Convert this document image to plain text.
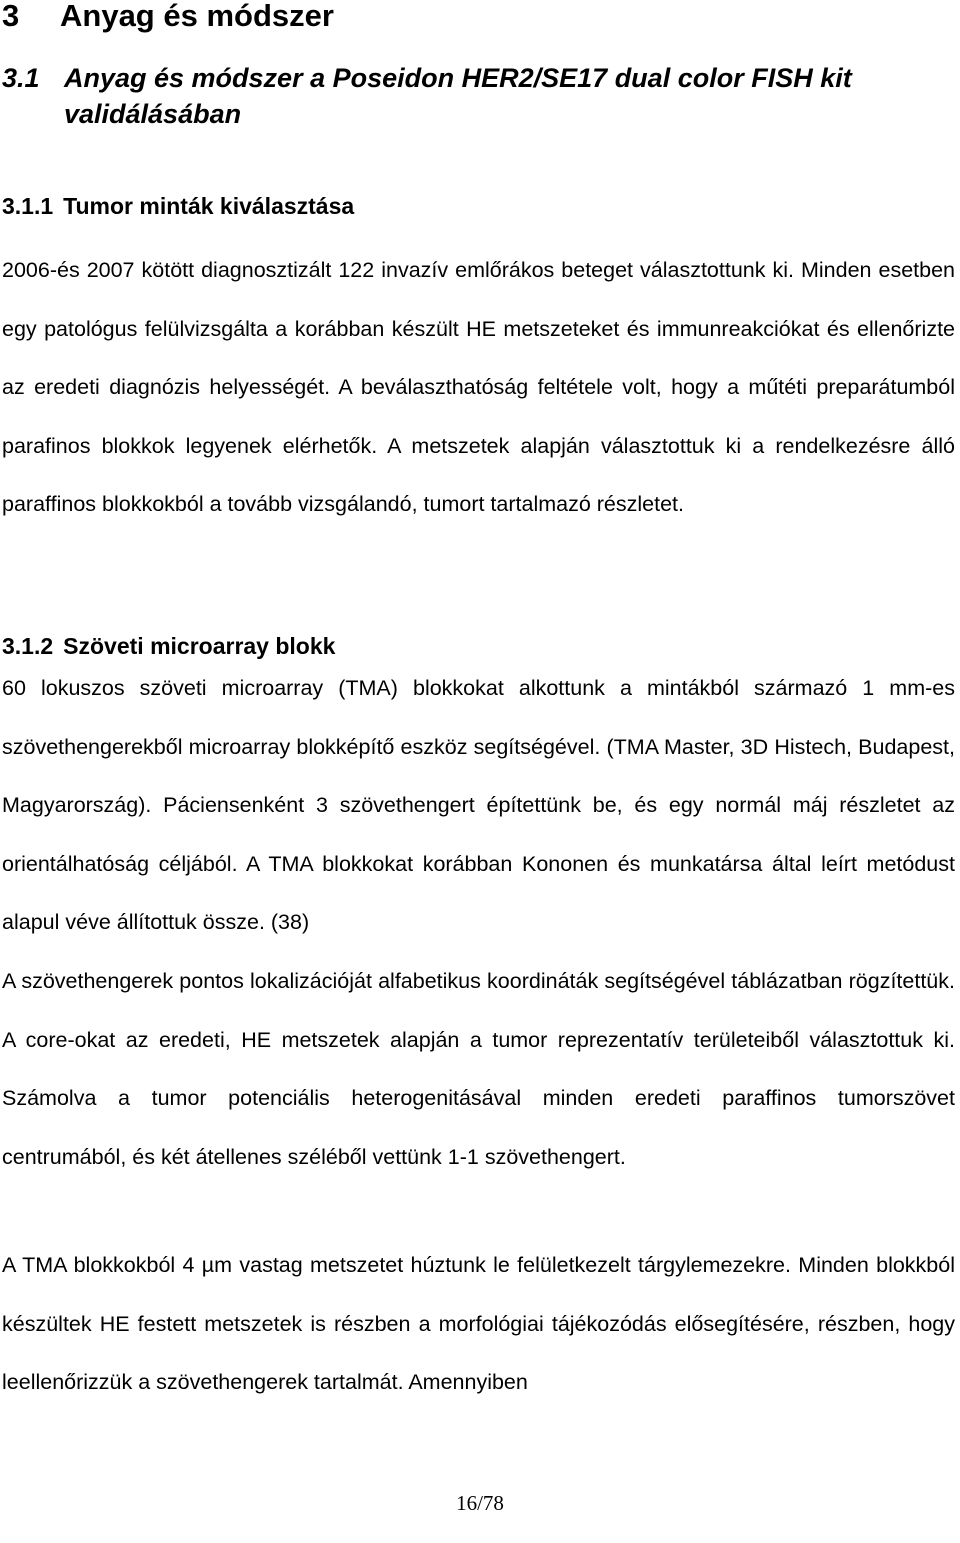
3 Anyag és módszer
3.1 Anyag és módszer a Poseidon HER2/SE17 dual color FISH kit
validálásában
3.1.1 Tumor minták kiválasztása

2006-és 2007 kötött diagnosztizált 122 invazív emlőrákos beteget választottunk ki. Minden esetben egy patológus felülvizsgálta a korábban készült HE metszeteket és immunreakciókat és ellenőrizte az eredeti diagnózis helyességét. A beválaszthatóság feltétele volt, hogy a műtéti preparátumból parafinos blokkok legyenek elérhetők. A metszetek alapján választottuk ki a rendelkezésre álló paraffinos blokkokból a tovább vizsgálandó, tumort tartalmazó részletet.

3.1.2 Szöveti microarray blokk

60 lokuszos szöveti microarray (TMA) blokkokat alkottunk a mintákból származó 1 mm-es szövethengerekből microarray blokképítő eszköz segítségével. (TMA Master, 3D Histech, Budapest, Magyarország). Páciensenként 3 szövethengert építettünk be, és egy normál máj részletet az orientálhatóság céljából. A TMA blokkokat korábban Kononen és munkatársa által leírt metódust alapul véve állítottuk össze. (38)

A szövethengerek pontos lokalizációját alfabetikus koordináták segítségével táblázatban rögzítettük. A core-okat az eredeti, HE metszetek alapján a tumor reprezentatív területeiből választottuk ki. Számolva a tumor potenciális heterogenitásával minden eredeti paraffinos tumorszövet centrumából, és két átellenes széléből vettünk 1-1 szövethengert.

A TMA blokkokból 4 µm vastag metszetet húztunk le felületkezelt tárgylemezekre. Minden blokkból készültek HE festett metszetek is részben a morfológiai tájékozódás elősegítésére, részben, hogy leellenőrizzük a szövethengerek tartalmát. Amennyiben

16/78
